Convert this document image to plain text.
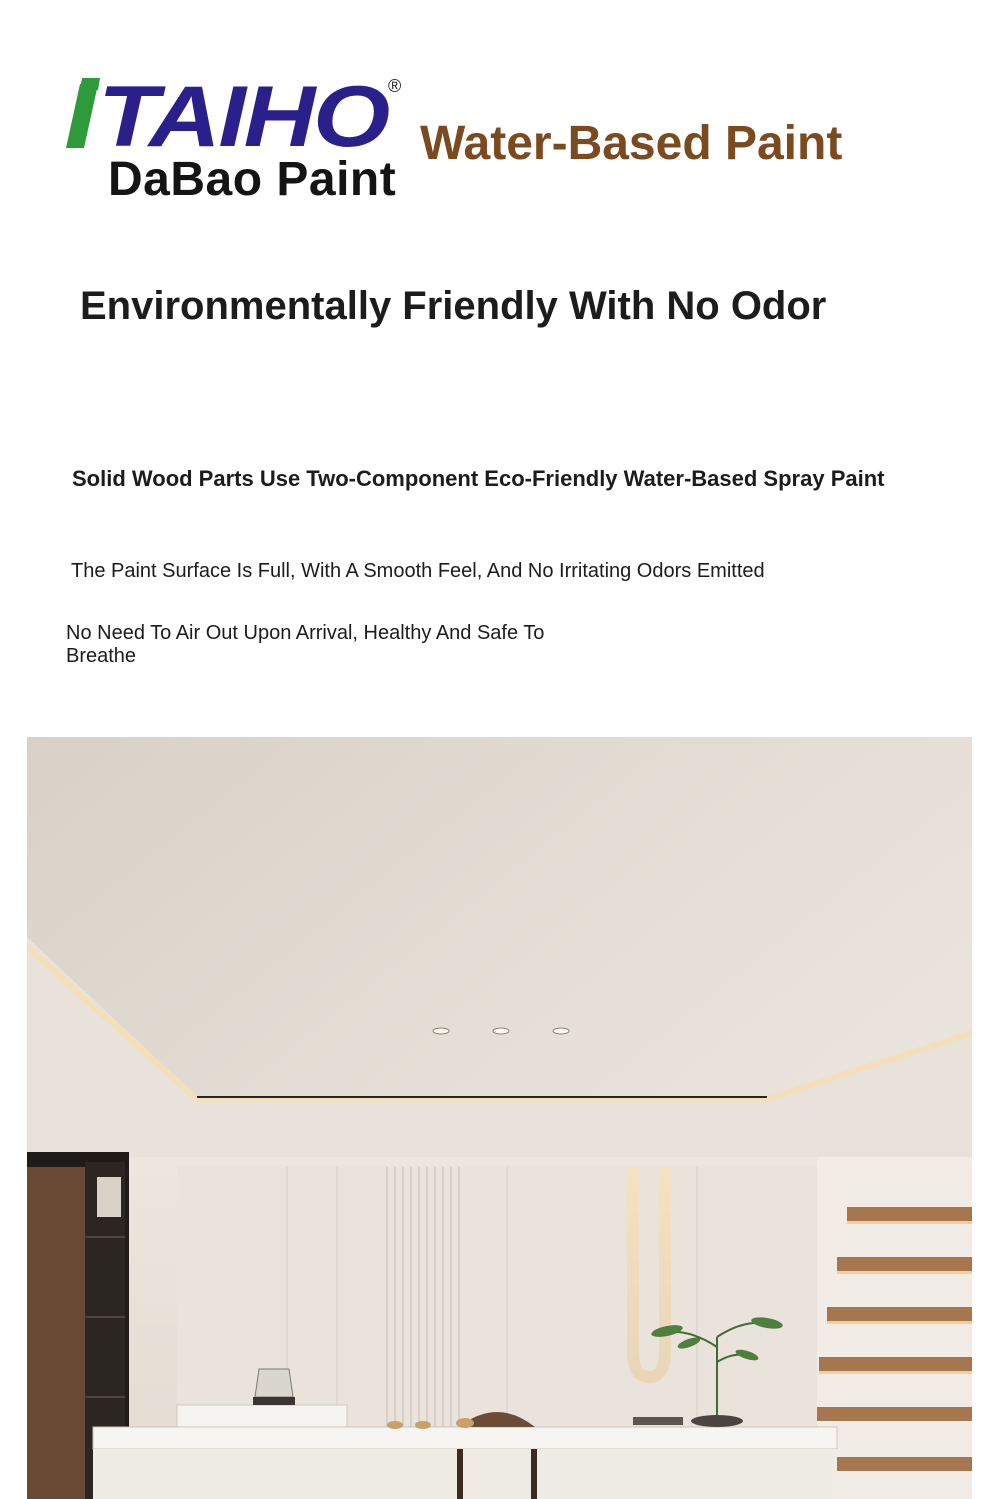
TAIHO
®
DaBao Paint
Water-Based Paint
Environmentally Friendly With No Odor
Solid Wood Parts Use Two-Component Eco-Friendly Water-Based Spray Paint
The Paint Surface Is Full, With A Smooth Feel, And No Irritating Odors Emitted
No Need To Air Out Upon Arrival, Healthy And Safe To Breathe
